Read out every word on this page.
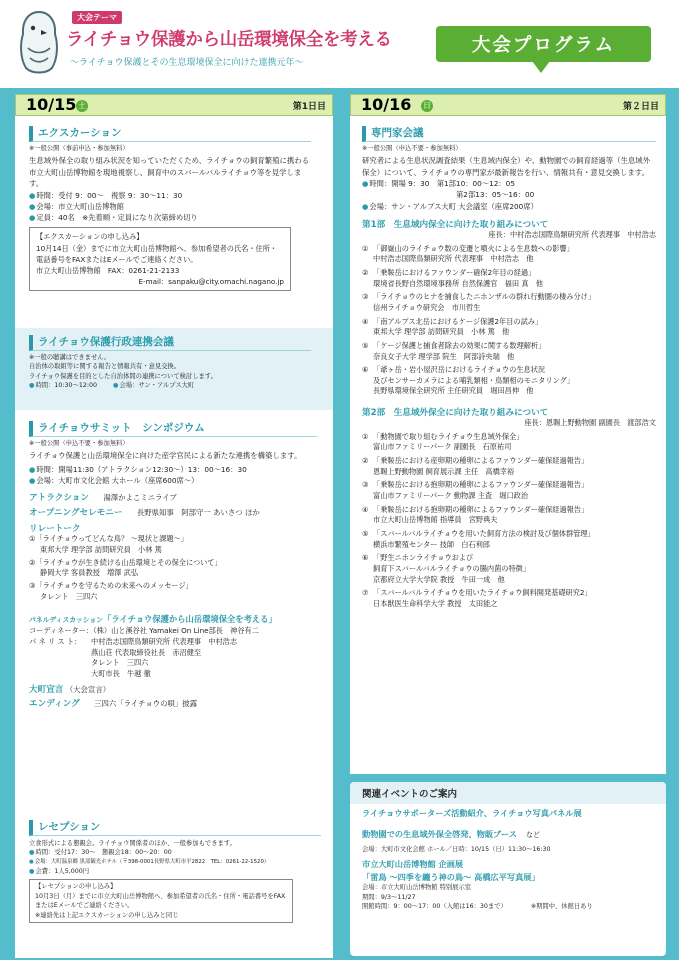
大会テーマ
ライチョウ保護から山岳環境保全を考える
〜ライチョウ保護とその生息環境保全に向けた連携元年〜
大会プログラム
10/15 土	第1日目
エクスカーション
※一般公開（事前申込・参加無料）
生息域外保全の取り組み状況を知っていただくため、ライチョウの飼育繁殖に携わる市立大町山岳博物館を現地視察し、飼育中のスバールバルライチョウ等を見学します。
● 時間：受付 9：00〜　視察 9：30〜11：30
● 会場：市立大町山岳博物館
● 定員：40名　※先着順・定員になり次第締め切り
【エクスカーションの申し込み】
10月14日（金）までに市立大町山岳博物館へ、参加希望者の氏名・住所・電話番号をFAXまたはEメールでご連絡ください。
市立大町山岳博物館　FAX：0261-21-2133
E-mail：sanpaku@city.omachi.nagano.jp
ライチョウ保護行政連携会議
※一般の聴講はできません。
自治体の取組等に関する報告と情報共有・意見交換。
ライチョウ保護を目的とした自治体間の連携について検討します。
● 時間：10:30〜12:00 ●	会場：サン・アルプス大町
ライチョウサミット　シンポジウム
※一般公開（申込不要・参加無料）
ライチョウ保護と山岳環境保全に向けた産学官民による新たな連携を構築します。
● 時間：開場11:30（アトラクション12:30〜）13：00〜16：30
● 会場：大町市文化会館 大ホール（座席600席〜）
アトラクション 湯澤かよこミニライブ
オープニングセレモニー 長野県知事　阿部守一 あいさつ ほか
リレートーク
①「ライチョウってどんな鳥？ 〜現状と課題〜」
東邦大学 理学部 訪問研究員　小林 篤
②「ライチョウが生き続ける山岳環境とその保全について」
静岡大学 客員教授　増澤 武弘
③「ライチョウを守るための未来へのメッセージ」
タレント　三四六
パネルディスカッション「ライチョウ保護から山岳環境保全を考える」
コーディネーター：（株）山と溪谷社 Yamakei On Line部長　神谷有二
パ ネ リ ス ト：	中村浩志国際鳥類研究所 代表理事　中村浩志
燕山荘 代表取締役社長　赤沼健至
タレント　三四六
大町市長　牛越 徹
大町宣言 （大会宣言）
エンディング 三四六「ライチョウの唄」披露
レセプション
立食形式による懇親会。ライチョウ関係者のほか、一般参加もできます。
● 時間：受付17：30〜　懇親会18：00〜20：00
● 会場：大町温泉郷 黒部観光ホテル（〒398-0001長野県大町市平2822　TEL：0261-22-1520）
● 会費：1人5,000円
【レセプションの申し込み】
10月3日（月）までに市立大町山岳博物館へ、参加希望者の氏名・住所・電話番号をFAXまたはEメールでご連絡ください。
※連絡先は上記エクスカーションの申し込みと同じ
10/16 日	第２日目
専門家会議
※一般公開（申込不要・参加無料）
研究者による生息状況調査結果（生息域内保全）や、動物園での飼育経過等（生息域外保全）について、ライチョウの専門家が最新報告を行い、情報共有・意見交換します。
● 時間：開場 9：30　第1部10：00〜12：05
第2部13：05〜16：00
● 会場：サン・アルプス大町 大会議室（座席200席）
第1部　生息域内保全に向けた取り組みについて
座長：中村浩志国際鳥類研究所 代表理事　中村浩志
① 「御嶽山のライチョウ数の変遷と噴火による生息数への影響」
中村浩志国際鳥類研究所 代表理事　中村浩志　他
② 「乗鞍岳におけるファウンダー確保2年目の経過」
環境省長野自然環境事務所 自然保護官　福田 真　他
③ 「ライチョウのヒナを捕食したニホンザルの群れ行動圏の棲み分け」
信州ライチョウ研究会　市川哲生
④ 「南アルプス北岳におけるケージ保護2年目の試み」
東邦大学 理学部 訪問研究員　小林 篤　他
⑤ 「ケージ保護と捕食者除去の効果に関する数理解析」
奈良女子大学 理学部 院生　阿部詩央瑞　他
⑥ 「爺ヶ岳・岩小屋沢岳におけるライチョウの生息状況
及びセンサーカメラによる哺乳類相・鳥類相のモニタリング」
長野県環境保全研究所 主任研究員　堀田昌伸　他
第2部　生息域外保全に向けた取り組みについて
座長：恩賜上野動物園 副園長　渡部浩文
① 「動物園で取り組むライチョウ生息域外保全」
富山市ファミリーパーク 副園長　石原祐司
② 「乗鞍岳における産卵期の種卵によるファウンダー確保経過報告」
恩賜上野動物園 飼育展示課 主任　高橋幸裕
③ 「乗鞍岳における抱卵期の種卵によるファウンダー確保経過報告」
富山市ファミリーパーク 動物課 主査　堀口政治
④ 「乗鞍岳における抱卵期の種卵によるファウンダー確保経過報告」
市立大町山岳博物館 指導員　宮野典夫
⑤ 「スバールバルライチョウを用いた飼育方法の検討及び個体群管理」
横浜市繁殖センター 技師　白石利郎
⑥ 「野生ニホンライチョウおよび
飼育下スバールバルライチョウの腸内菌の特徴」
京都府立大学大学院 教授　牛田一成　他
⑦ 「スバールバルライチョウを用いたライチョウ飼料開発基礎研究2」
日本獣医生命科学大学 教授　太田能之
関連イベントのご案内
ライチョウサポーターズ活動紹介、ライチョウ写真パネル展
動物園での生息域外保全啓発、物販ブース など
会場：大町市文化会館 ホール／日時：10/15（日）11:30〜16:30
市立大町山岳博物館 企画展
「雷鳥 〜四季を纏う神の鳥〜 高橋広平写真展」
会場：市立大町山岳博物館 特別展示室
期間：9/3〜11/27
開館時間：9：00〜17：00（入館は16：30まで）	※期間中、休館日あり
